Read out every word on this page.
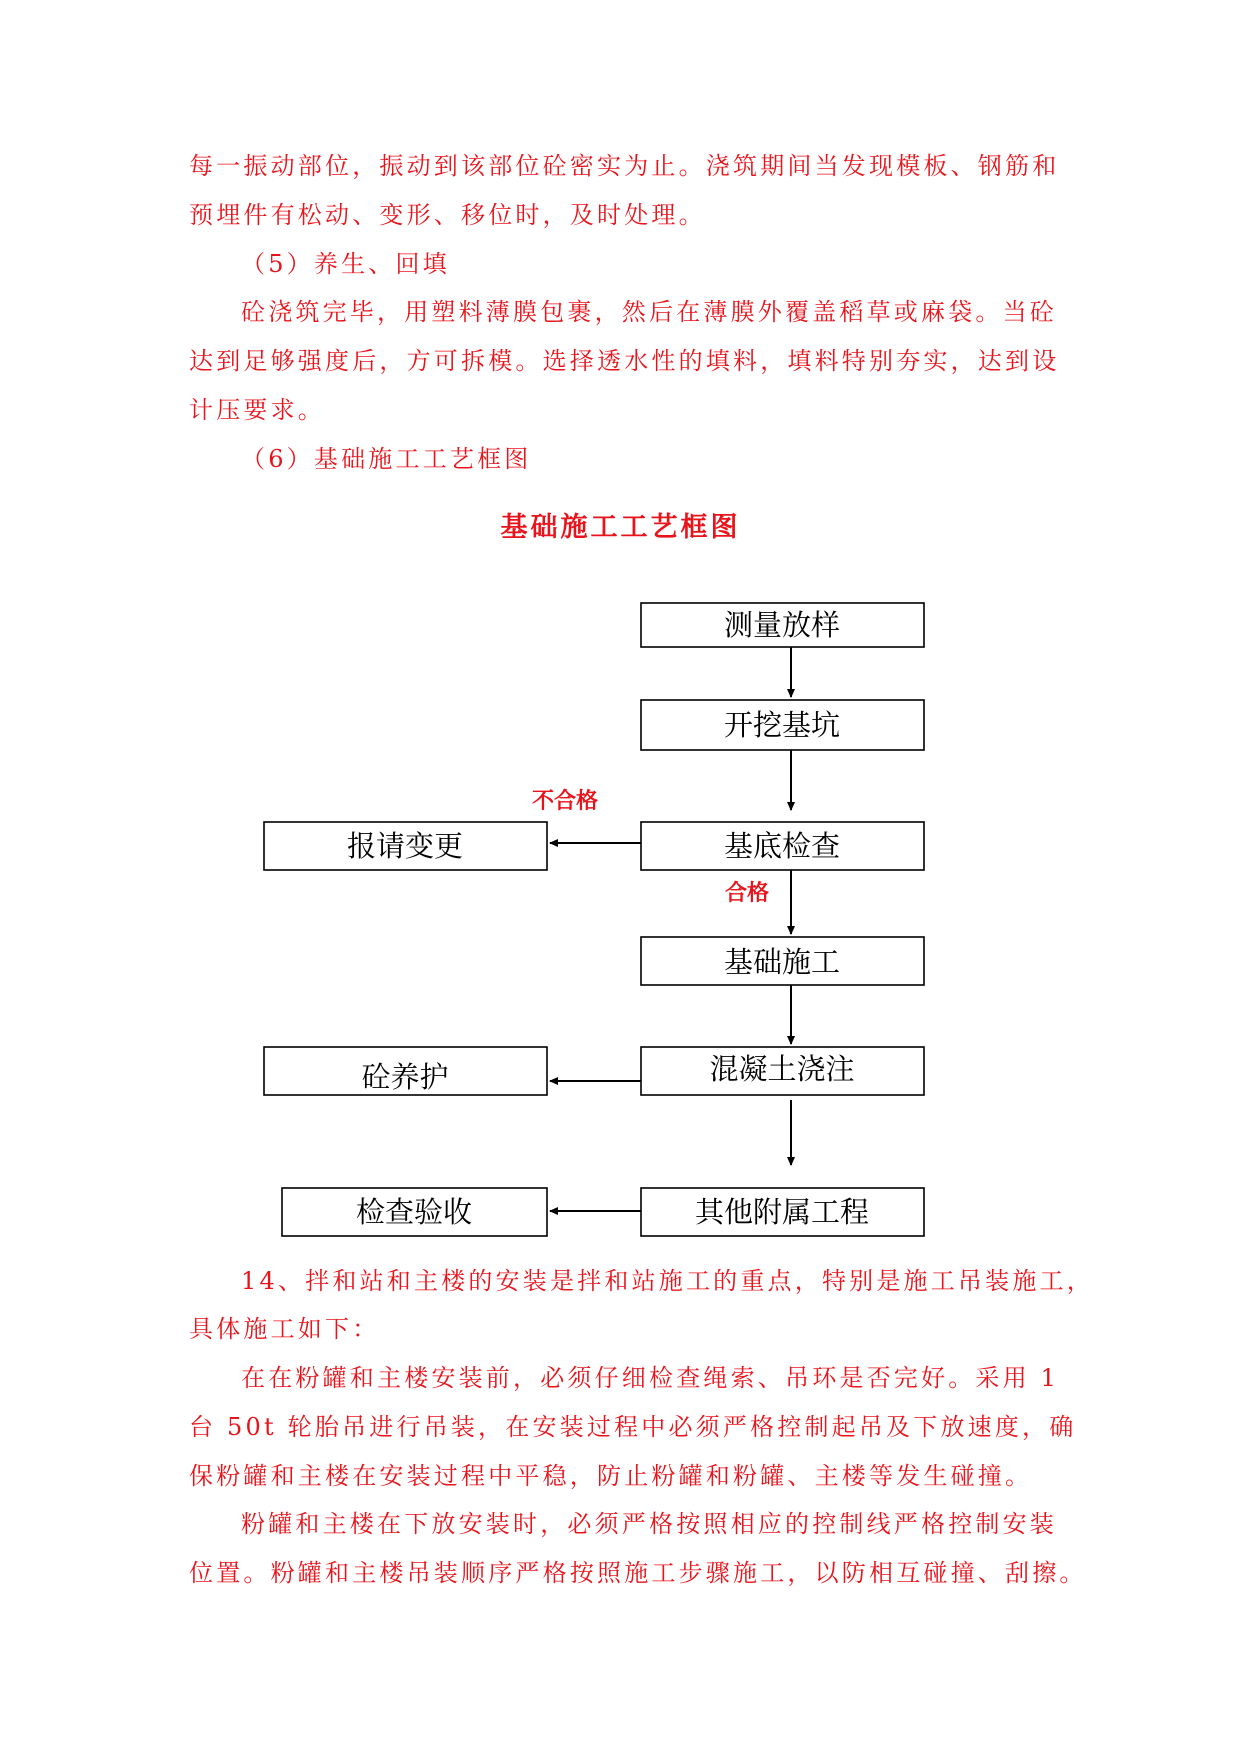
每一振动部位，振动到该部位砼密实为止。浇筑期间当发现模板、钢筋和
预埋件有松动、变形、移位时，及时处理。
（5）养生、回填
砼浇筑完毕，用塑料薄膜包裹，然后在薄膜外覆盖稻草或麻袋。当砼
达到足够强度后，方可拆模。选择透水性的填料，填料特别夯实，达到设
计压要求。
（6）基础施工工艺框图
基础施工工艺框图
测量放样
开挖基坑
基底检查
报请变更
基础施工
混凝土浇注
砼养护
其他附属工程
检查验收
不合格
合格
14、拌和站和主楼的安装是拌和站施工的重点，特别是施工吊装施工，
具体施工如下：
在在粉罐和主楼安装前，必须仔细检查绳索、吊环是否完好。采用 1
台 50t 轮胎吊进行吊装，在安装过程中必须严格控制起吊及下放速度，确
保粉罐和主楼在安装过程中平稳，防止粉罐和粉罐、主楼等发生碰撞。
粉罐和主楼在下放安装时，必须严格按照相应的控制线严格控制安装
位置。粉罐和主楼吊装顺序严格按照施工步骤施工，以防相互碰撞、刮擦。
